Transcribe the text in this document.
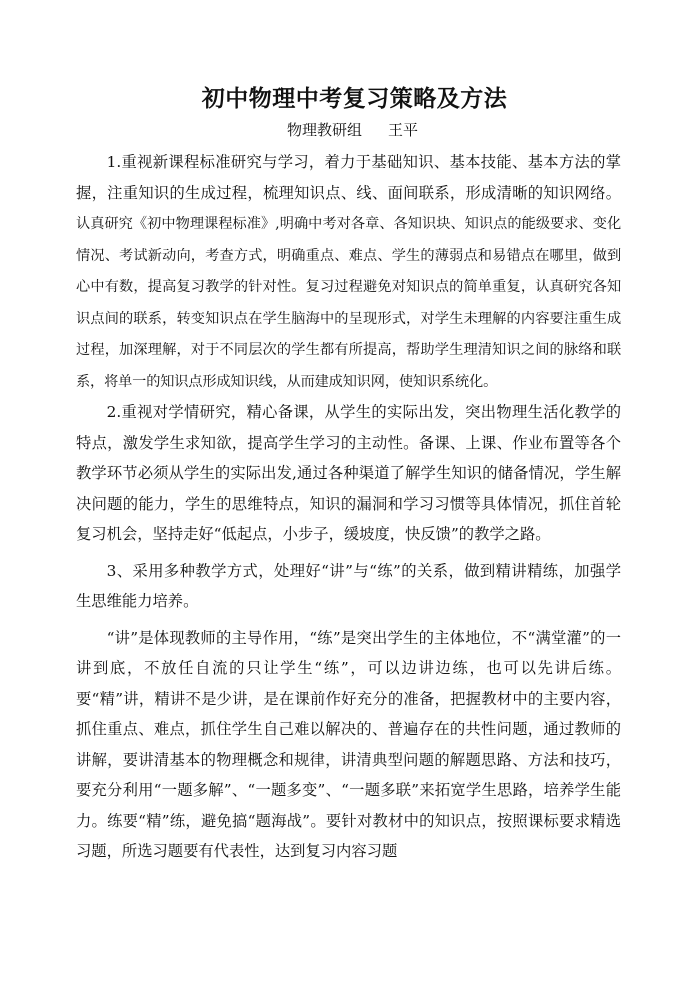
初中物理中考复习策略及方法
物理教研组 王平

1.重视新课程标准研究与学习，着力于基础知识、基本技能、基本方法的掌握，注重知识的生成过程，梳理知识点、线、面间联系，形成清晰的知识网络。认真研究《初中物理课程标准》,明确中考对各章、各知识块、知识点的能级要求、变化情况、考试新动向，考查方式，明确重点、难点、学生的薄弱点和易错点在哪里，做到心中有数，提高复习教学的针对性。复习过程避免对知识点的简单重复，认真研究各知识点间的联系，转变知识点在学生脑海中的呈现形式，对学生未理解的内容要注重生成过程，加深理解，对于不同层次的学生都有所提高，帮助学生理清知识之间的脉络和联系，将单一的知识点形成知识线，从而建成知识网，使知识系统化。

2.重视对学情研究，精心备课，从学生的实际出发，突出物理生活化教学的特点，激发学生求知欲，提高学生学习的主动性。备课、上课、作业布置等各个教学环节必须从学生的实际出发,通过各种渠道了解学生知识的储备情况，学生解决问题的能力，学生的思维特点，知识的漏洞和学习习惯等具体情况，抓住首轮复习机会，坚持走好“低起点，小步子，缓坡度，快反馈”的教学之路。

3、采用多种教学方式，处理好“讲”与“练”的关系，做到精讲精练，加强学生思维能力培养。

“讲”是体现教师的主导作用，“练”是突出学生的主体地位，不“满堂灌”的一讲到底，不放任自流的只让学生“练”，可以边讲边练，也可以先讲后练。要“精”讲，精讲不是少讲，是在课前作好充分的准备，把握教材中的主要内容，抓住重点、难点，抓住学生自己难以解决的、普遍存在的共性问题，通过教师的讲解，要讲清基本的物理概念和规律，讲清典型问题的解题思路、方法和技巧，要充分利用“一题多解”、“一题多变”、“一题多联”来拓宽学生思路，培养学生能力。练要“精”练，避免搞“题海战”。要针对教材中的知识点，按照课标要求精选习题，所选习题要有代表性，达到复习内容习题
